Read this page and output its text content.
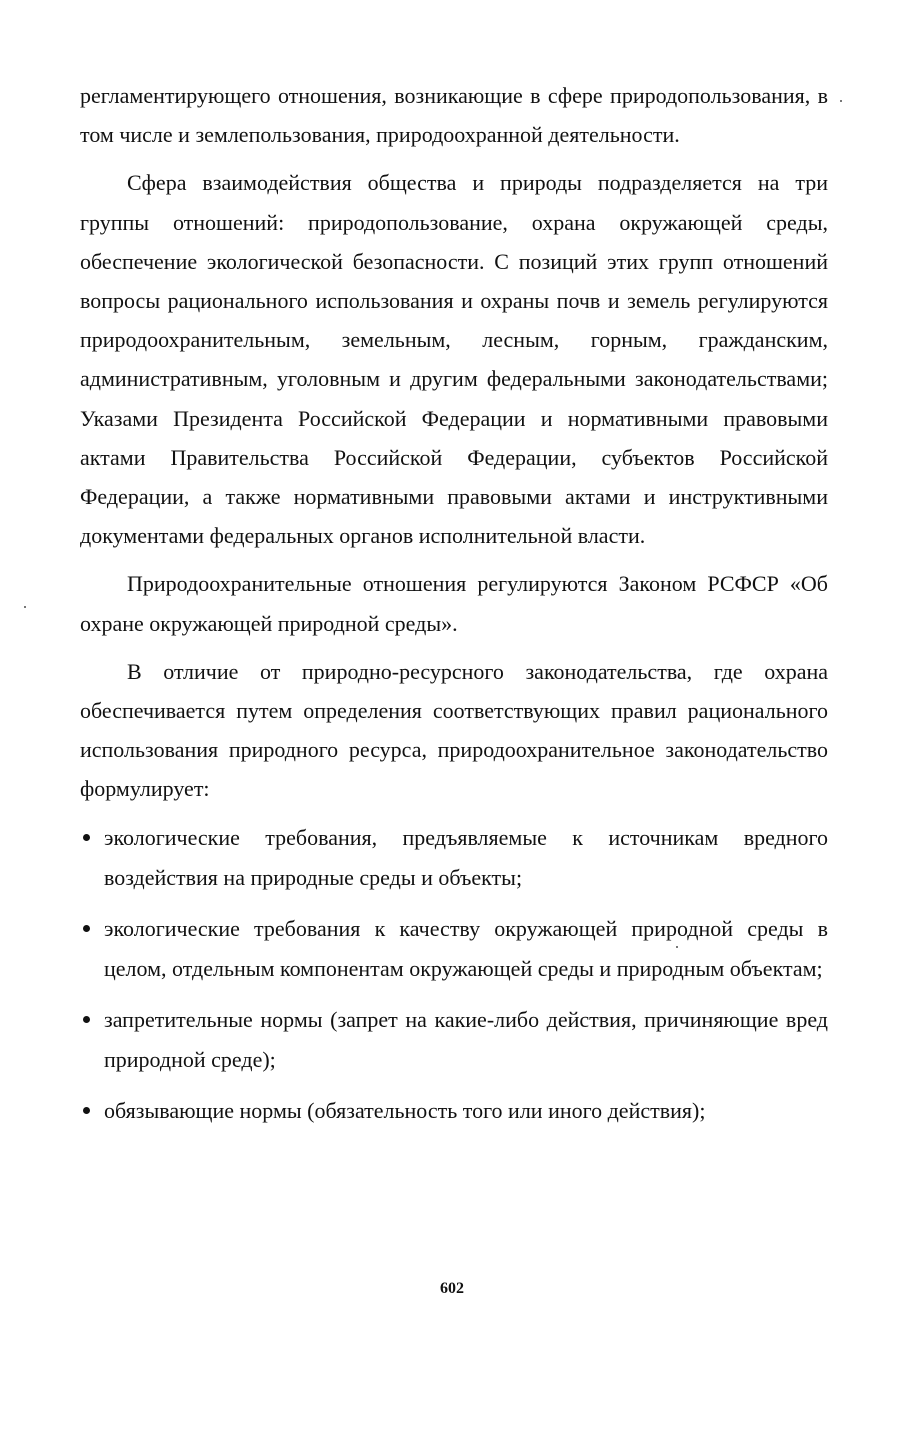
регламентирующего отношения, возникающие в сфере природопользования, в том числе и землепользования, природоохранной деятельности.

Сфера взаимодействия общества и природы подразделяется на три группы отношений: природопользование, охрана окружающей среды, обеспечение экологической безопасности. С позиций этих групп отношений вопросы рационального использования и охраны почв и земель регулируются природоохранительным, земельным, лесным, горным, гражданским, административным, уголовным и другим федеральными законодательствами; Указами Президента Российской Федерации и нормативными правовыми актами Правительства Российской Федерации, субъектов Российской Федерации, а также нормативными правовыми актами и инструктивными документами федеральных органов исполнительной власти.

Природоохранительные отношения регулируются Законом РСФСР «Об охране окружающей природной среды».

В отличие от природно-ресурсного законодательства, где охрана обеспечивается путем определения соответствующих правил рационального использования природного ресурса, природоохранительное законодательство формулирует:

экологические требования, предъявляемые к источникам вредного воздействия на природные среды и объекты;
экологические требования к качеству окружающей природной среды в целом, отдельным компонентам окружающей среды и природным объектам;
запретительные нормы (запрет на какие-либо действия, причиняющие вред природной среде);
обязывающие нормы (обязательность того или иного действия);
602
